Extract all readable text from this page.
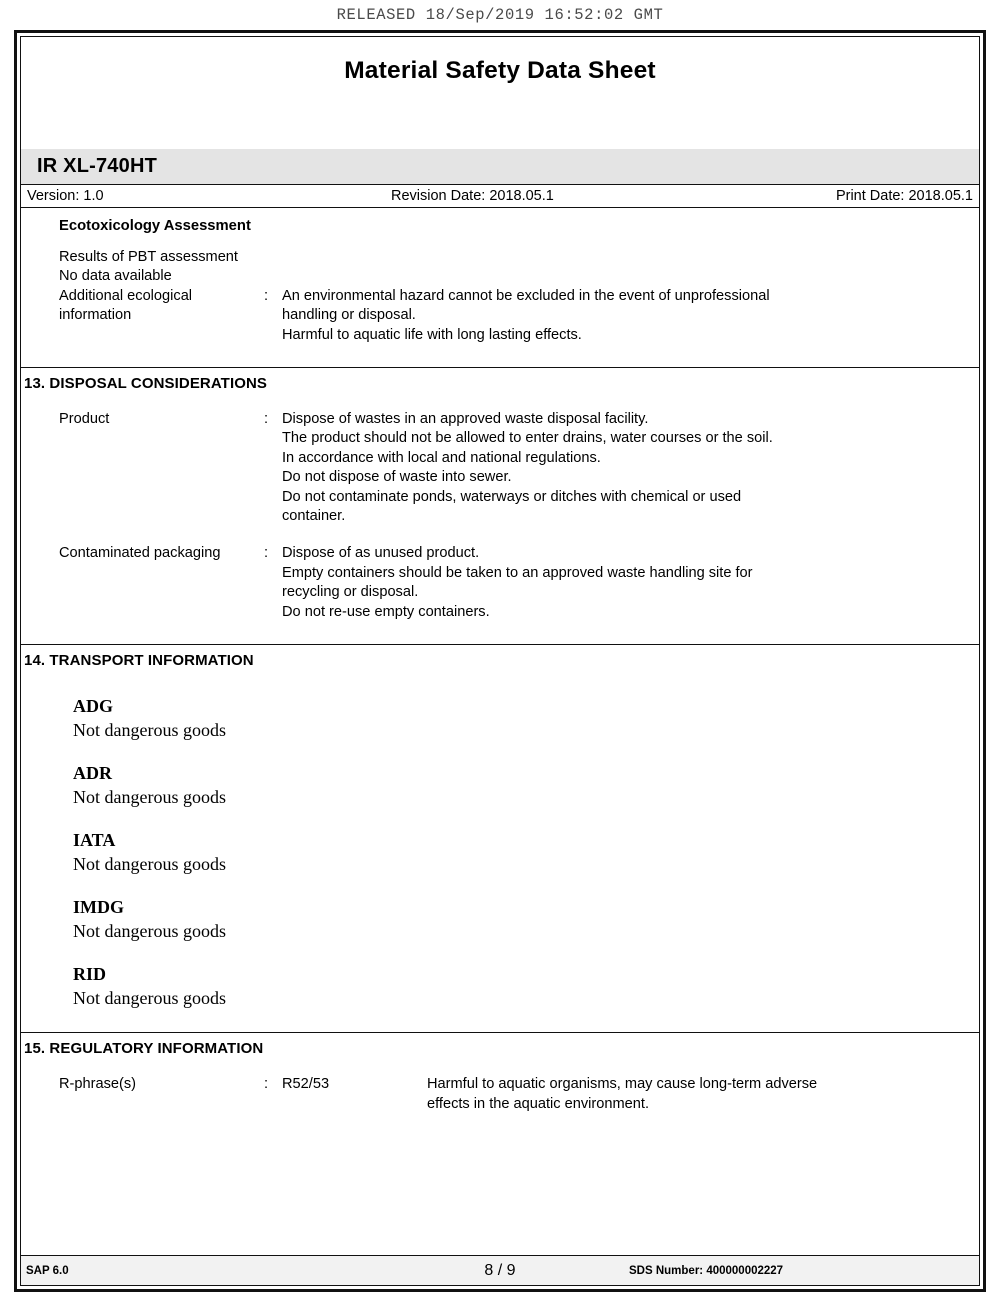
RELEASED 18/Sep/2019 16:52:02 GMT
Material Safety Data Sheet
IR XL-740HT
Version: 1.0	Revision Date: 2018.05.1	Print Date: 2018.05.1
Ecotoxicology Assessment
Results of PBT assessment
No data available
Additional ecological
information
: An environmental hazard cannot be excluded in the event of unprofessional
handling or disposal.
Harmful to aquatic life with long lasting effects.
13. DISPOSAL CONSIDERATIONS
Product	: Dispose of wastes in an approved waste disposal facility.
The product should not be allowed to enter drains, water courses or the soil.
In accordance with local and national regulations.
Do not dispose of waste into sewer.
Do not contaminate ponds, waterways or ditches with chemical or used
container.
Contaminated packaging	: Dispose of as unused product.
Empty containers should be taken to an approved waste handling site for
recycling or disposal.
Do not re-use empty containers.
14. TRANSPORT INFORMATION
ADG
Not dangerous goods
ADR
Not dangerous goods
IATA
Not dangerous goods
IMDG
Not dangerous goods
RID
Not dangerous goods
15. REGULATORY INFORMATION
R-phrase(s)	: R52/53	Harmful to aquatic organisms, may cause long-term adverse
effects in the aquatic environment.
SAP 6.0	8 / 9	SDS Number: 400000002227
